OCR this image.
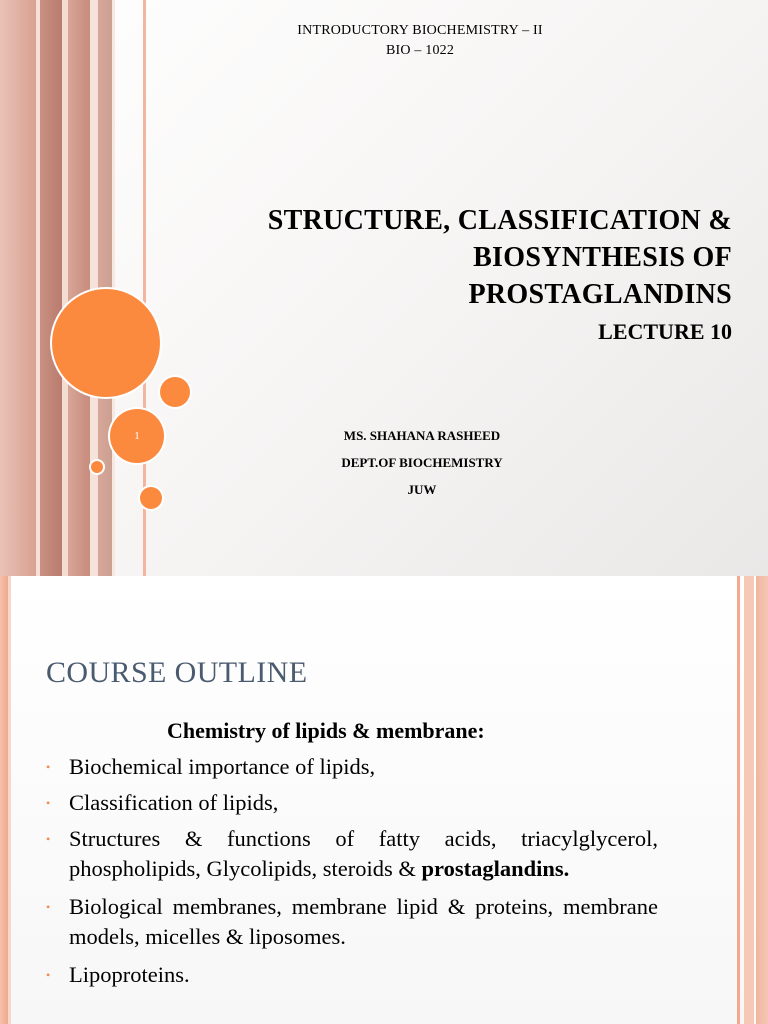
1
INTRODUCTORY BIOCHEMISTRY – II
BIO – 1022
STRUCTURE, CLASSIFICATION &
BIOSYNTHESIS OF
PROSTAGLANDINS
LECTURE 10
MS. SHAHANA RASHEED
DEPT.OF BIOCHEMISTRY
JUW
COURSE OUTLINE
Chemistry of lipids & membrane:
• Biochemical importance of lipids,
• Classification of lipids,
• Structures & functions of fatty acids, triacylglycerol, phospholipids, Glycolipids, steroids & prostaglandins.
• Biological membranes, membrane lipid & proteins, membrane models, micelles & liposomes.
• Lipoproteins.
